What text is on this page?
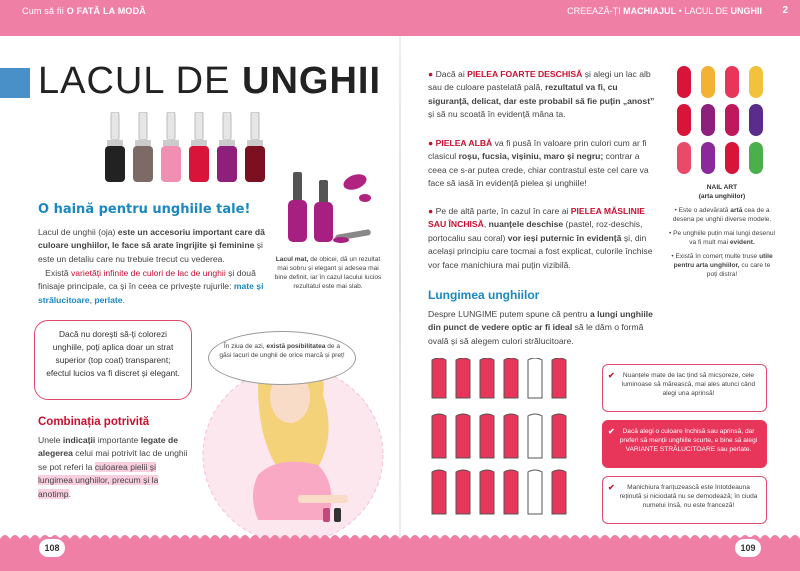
Cum să fii O FATĂ LA MODĂ	CREEAZĂ-ȚI MACHIAJUL • LACUL DE UNGHII 2
LACUL DE UNGHII
O haină pentru unghiile tale!
Lacul de unghii (oja) este un accesoriu important care dă culoare unghiilor, le face să arate îngrijite și feminine și este un detaliu care nu trebuie trecut cu vederea.
Există varietăți infinite de culori de lac de unghii și două finisaje principale, ca și în ceea ce privește rujurile: mate și strălucitoare, perlate.
Dacă nu dorești să-ți colorezi unghiile, poți aplica doar un strat superior (top coat) transparent; efectul lucios va fi discret și elegant.
Combinația potrivită
Unele indicații importante legate de alegerea celui mai potrivit lac de unghii se pot referi la culoarea pielii și lungimea unghiilor, precum și la anotimp.
Lacul mat, de obicei, dă un rezultat mai sobru și elegant și adesea mai bine definit, iar în cazul lacului lucios rezultatul este mai slab.
În ziua de azi, există posibilitatea de a găsi lacuri de unghii de orice marcă și preț!
● Dacă ai PIELEA FOARTE DESCHISĂ și alegi un lac alb sau de culoare pastelată pală, rezultatul va fi, cu siguranță, delicat, dar este probabil să fie puțin „anost” și să nu scoată în evidență mâna ta.
● PIELEA ALBĂ va fi pusă în valoare prin culori cum ar fi clasicul roșu, fucsia, vișiniu, maro și negru; contrar a ceea ce s-ar putea crede, chiar contrastul este cel care va face să iasă în evidență pielea și unghiile!
● Pe de altă parte, în cazul în care ai PIELEA MĂSLINIE SAU ÎNCHISĂ, nuanțele deschise (pastel, roz-deschis, portocaliu sau coral) vor ieși puternic în evidență și, din același principiu care tocmai a fost explicat, culorile închise vor face manichiura mai puțin vizibilă.
Lungimea unghiilor
Despre LUNGIME putem spune că pentru a lungi unghiile din punct de vedere optic ar fi ideal să le dăm o formă ovală și să alegem culori strălucitoare.
NAIL ART
(arta unghiilor)

• Este o adevărată artă cea de a desena pe unghii diverse modele.

• Pe unghiile puțin mai lungi desenul va fi mult mai evident.

• Există în comerț multe truse utile pentru arta unghiilor, cu care te poți distra!

✔ Nuanțele mate de lac țind să micșoreze, cele luminoase să mărească, mai ales atunci când alegi una aprinsă!
✔ Dacă alegi o culoare închisă sau aprinsă, dar preferi să menții unghiile scurte, e bine să alegi VARIANTE STRĂLUCITOARE sau perlate.
✔ Manichiura franțuzească este întotdeauna reținută și niciodată nu se demodează; în ciuda numelui însă, nu este franceză!
108	109
